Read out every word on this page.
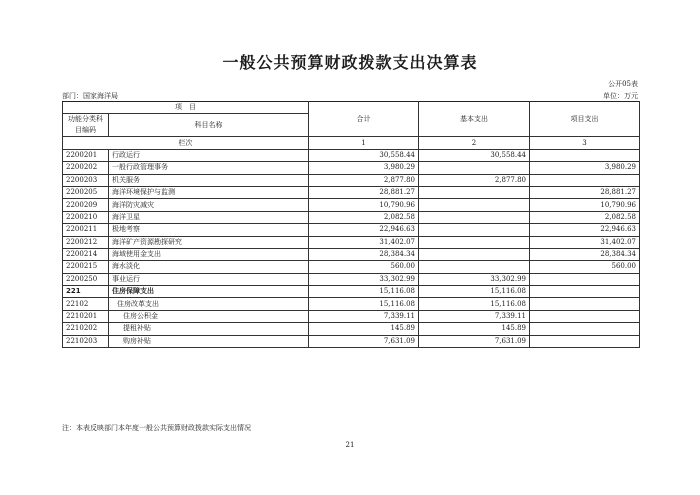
一般公共预算财政拨款支出决算表
公开05表
部门：国家海洋局	单位：万元
项　目		合计	基本支出	项目支出
功能分类科目编码	科目名称			

栏次		1	2	3
2200201	行政运行	30,558.44	30,558.44	
2200202	一般行政管理事务	3,980.29		3,980.29
2200203	机关服务	2,877.80	2,877.80	
2200205	海洋环境保护与监测	28,881.27		28,881.27
2200209	海洋防灾减灾	10,790.96		10,790.96
2200210	海洋卫星	2,082.58		2,082.58
2200211	极地考察	22,946.63		22,946.63
2200212	海洋矿产资源勘探研究	31,402.07		31,402.07
2200214	海域使用金支出	28,384.34		28,384.34
2200215	海水淡化	560.00		560.00
2200250	事业运行	33,302.99	33,302.99	
221	住房保障支出	15,116.08	15,116.08	
22102	住房改革支出	15,116.08	15,116.08	
2210201	住房公积金	7,339.11	7,339.11	
2210202	提租补贴	145.89	145.89	
2210203	购房补贴	7,631.09	7,631.09	
注：本表反映部门本年度一般公共预算财政拨款实际支出情况
21
